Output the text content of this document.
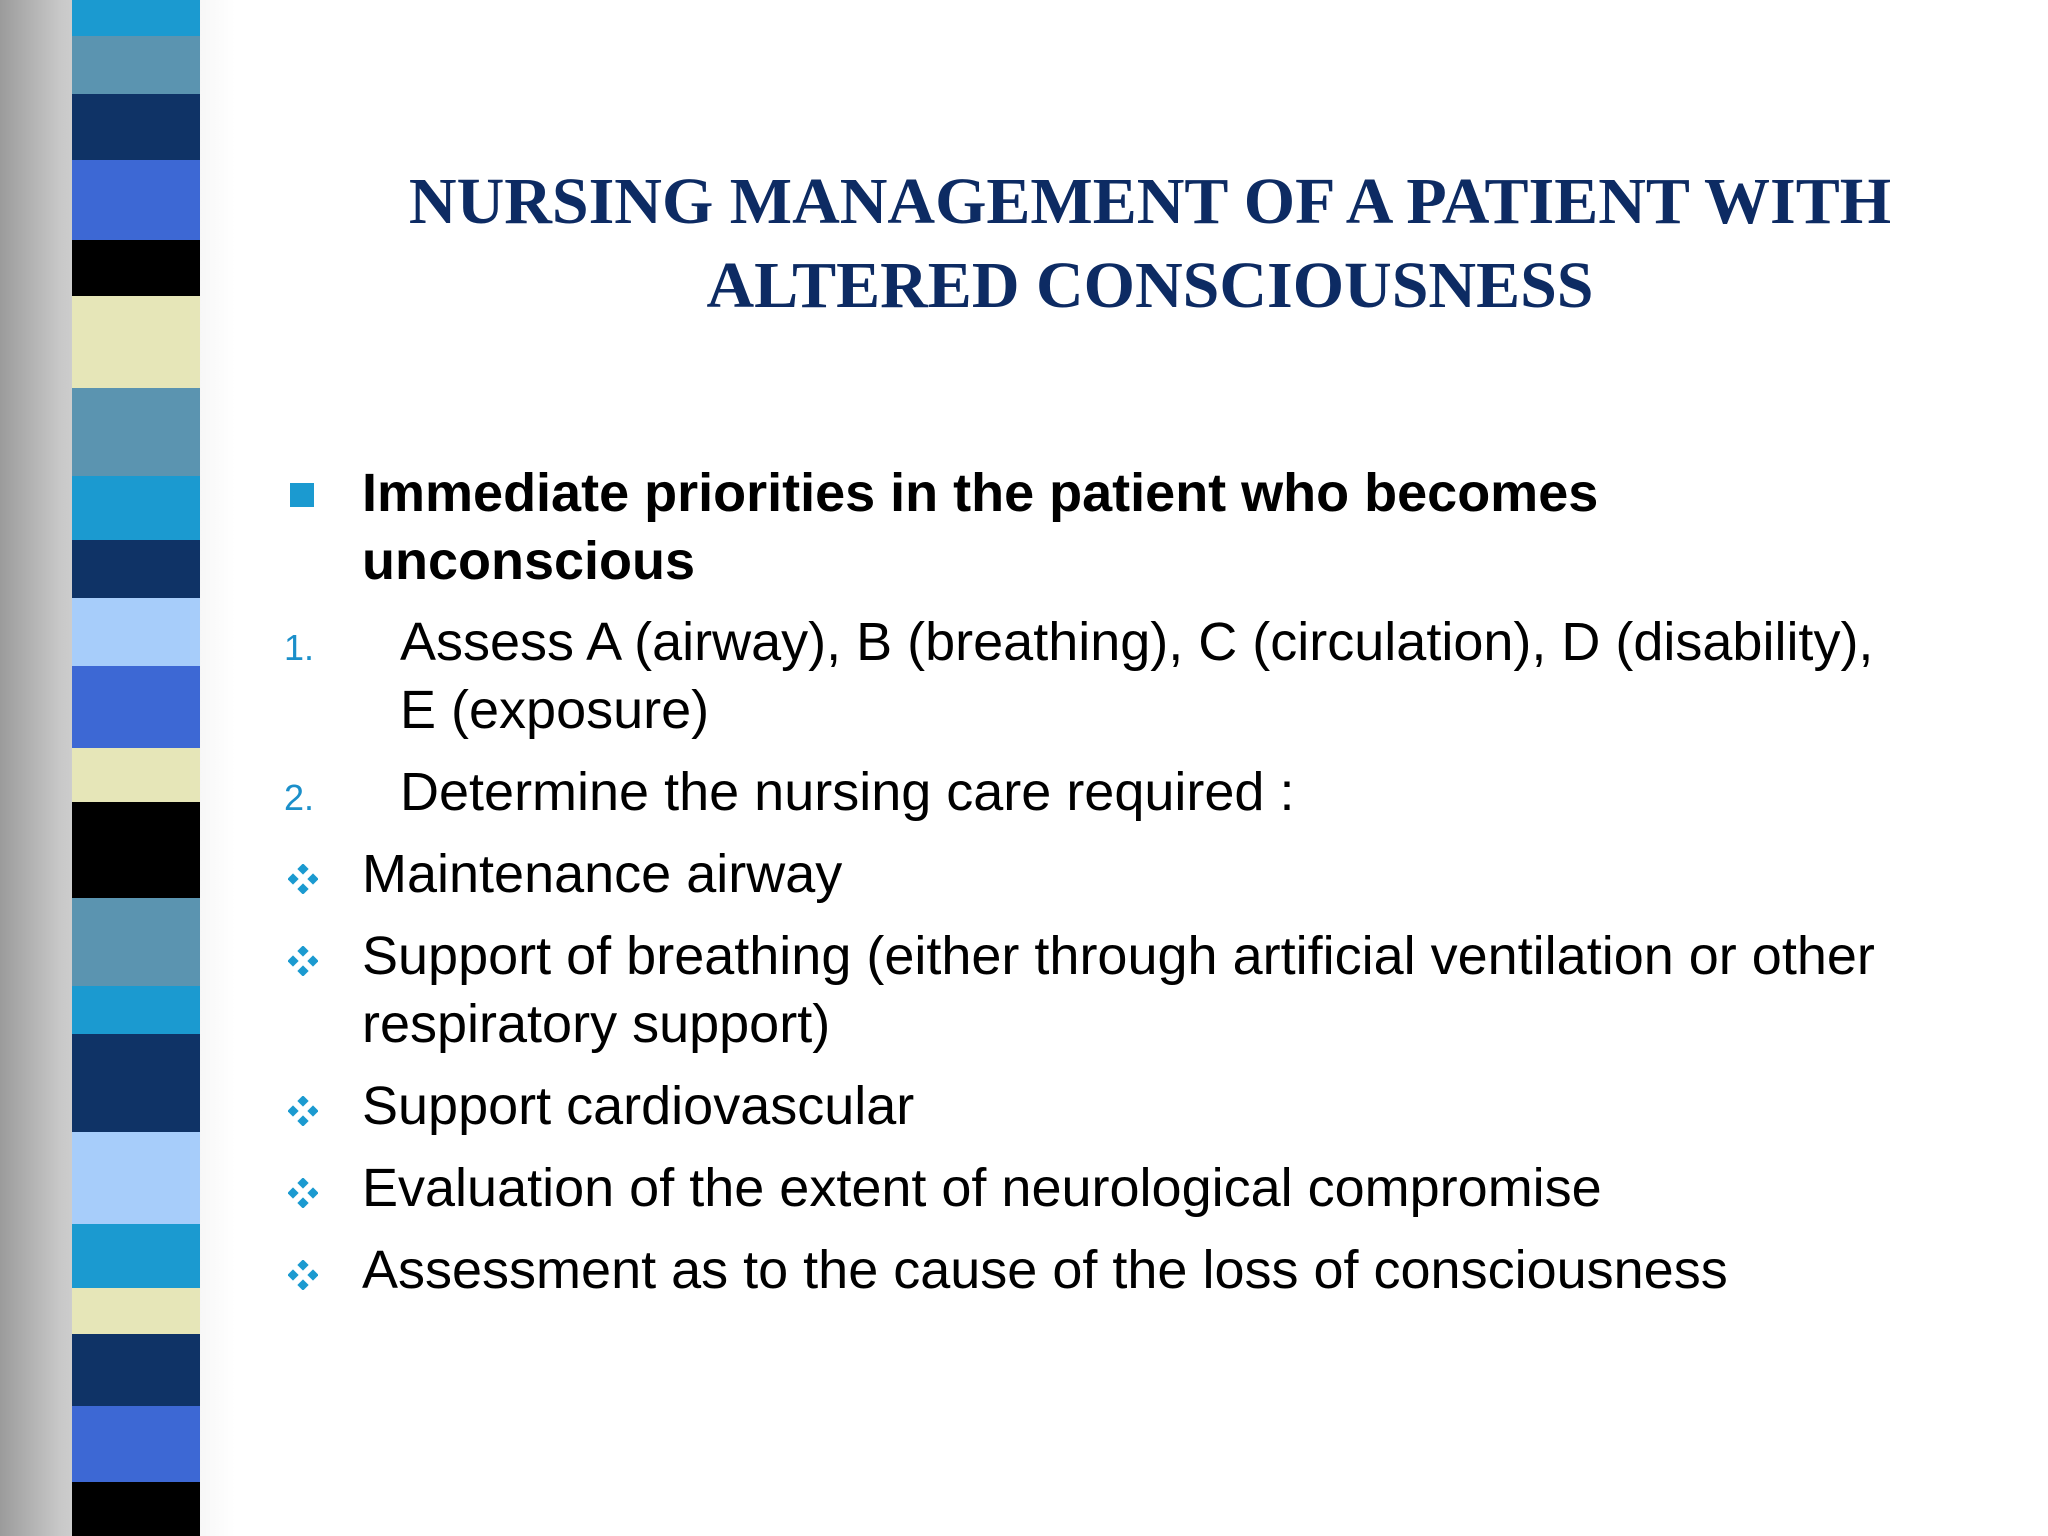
NURSING MANAGEMENT OF A PATIENT WITH
ALTERED CONSCIOUSNESS
Immediate priorities in the patient who becomes
unconscious
1. Assess A (airway), B (breathing), C (circulation), D (disability),
E (exposure)
2. Determine the nursing care required :
Maintenance airway
Support of breathing (either through artificial ventilation or other
respiratory support)
Support cardiovascular
Evaluation of the extent of neurological compromise
Assessment as to the cause of the loss of consciousness
